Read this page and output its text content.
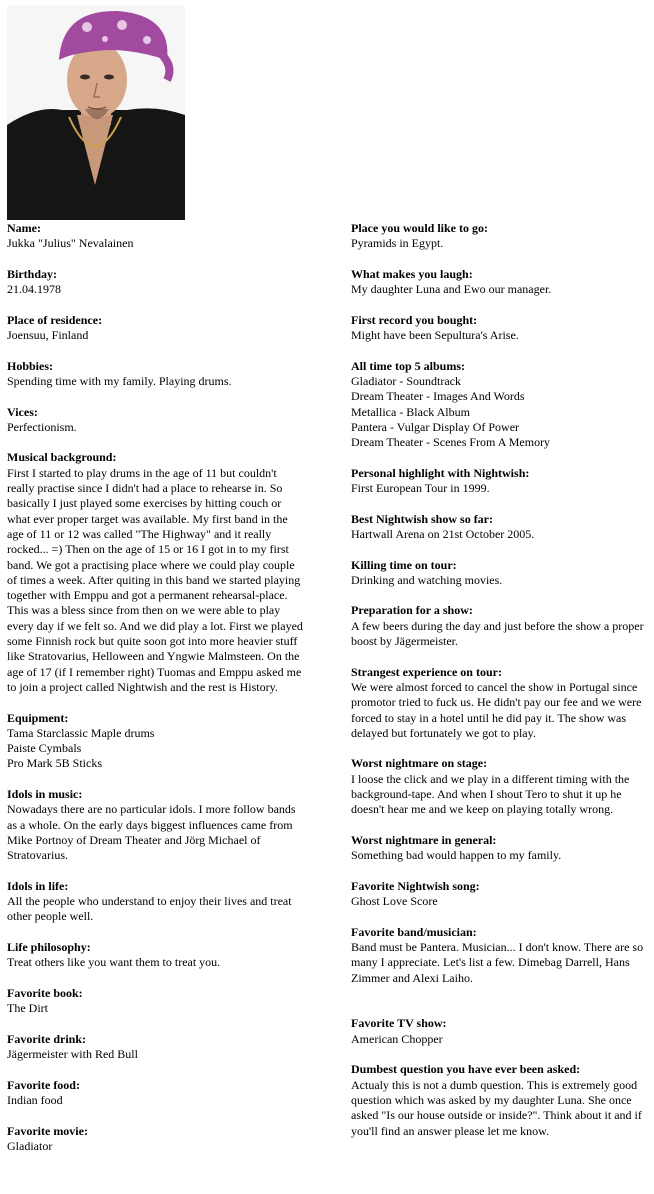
Name:
Jukka "Julius" Nevalainen
Birthday:
21.04.1978
Place of residence:
Joensuu, Finland
Hobbies:
Spending time with my family. Playing drums.
Vices:
Perfectionism.
Musical background:
First I started to play drums in the age of 11 but couldn't really practise since I didn't had a place to rehearse in. So basically I just played some exercises by hitting couch or what ever proper target was available. My first band in the age of 11 or 12 was called "The Highway" and it really rocked... =) Then on the age of 15 or 16 I got in to my first band. We got a practising place where we could play couple of times a week. After quiting in this band we started playing together with Emppu and got a permanent rehearsal-place. This was a bless since from then on we were able to play every day if we felt so. And we did play a lot. First we played some Finnish rock but quite soon got into more heavier stuff like Stratovarius, Helloween and Yngwie Malmsteen. On the age of 17 (if I remember right) Tuomas and Emppu asked me to join a project called Nightwish and the rest is History.
Equipment:
Tama Starclassic Maple drums
Paiste Cymbals
Pro Mark 5B Sticks
Idols in music:
Nowadays there are no particular idols. I more follow bands as a whole. On the early days biggest influences came from Mike Portnoy of Dream Theater and Jörg Michael of Stratovarius.
Idols in life:
All the people who understand to enjoy their lives and treat other people well.
Life philosophy:
Treat others like you want them to treat you.
Favorite book:
The Dirt
Favorite drink:
Jägermeister with Red Bull
Favorite food:
Indian food
Favorite movie:
Gladiator
Place you would like to go:
Pyramids in Egypt.
What makes you laugh:
My daughter Luna and Ewo our manager.
First record you bought:
Might have been Sepultura's Arise.
All time top 5 albums:
Gladiator - Soundtrack
Dream Theater - Images And Words
Metallica - Black Album
Pantera - Vulgar Display Of Power
Dream Theater - Scenes From A Memory
Personal highlight with Nightwish:
First European Tour in 1999.
Best Nightwish show so far:
Hartwall Arena on 21st October 2005.
Killing time on tour:
Drinking and watching movies.
Preparation for a show:
A few beers during the day and just before the show a proper boost by Jägermeister.
Strangest experience on tour:
We were almost forced to cancel the show in Portugal since promotor tried to fuck us. He didn't pay our fee and we were forced to stay in a hotel until he did pay it. The show was delayed but fortunately we got to play.
Worst nightmare on stage:
I loose the click and we play in a different timing with the background-tape. And when I shout Tero to shut it up he doesn't hear me and we keep on playing totally wrong.
Worst nightmare in general:
Something bad would happen to my family.
Favorite Nightwish song:
Ghost Love Score
Favorite band/musician:
Band must be Pantera. Musician... I don't know. There are so many I appreciate. Let's list a few. Dimebag Darrell, Hans Zimmer and Alexi Laiho.
Favorite TV show:
American Chopper
Dumbest question you have ever been asked:
Actualy this is not a dumb question. This is extremely good question which was asked by my daughter Luna. She once asked "Is our house outside or inside?". Think about it and if you'll find an answer please let me know.
